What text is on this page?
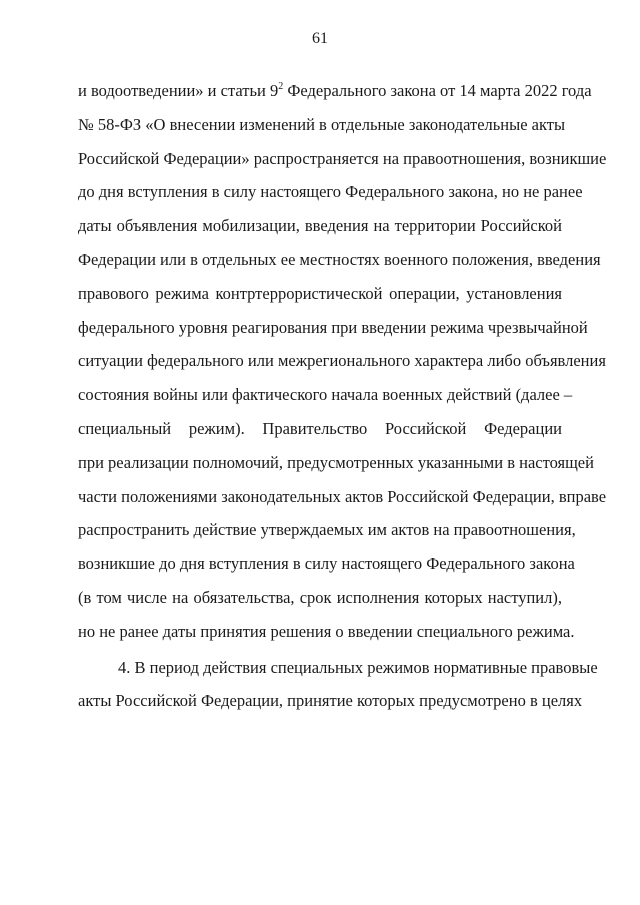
61
и водоотведении» и статьи $9^2$ Федерального закона от 14 марта 2022 года
№ 58-ФЗ «О внесении изменений в отдельные законодательные акты
Российской Федерации» распространяется на правоотношения, возникшие
до дня вступления в силу настоящего Федерального закона, но не ранее
даты объявления мобилизации, введения на территории Российской
Федерации или в отдельных ее местностях военного положения, введения
правового режима контртеррористической операции, установления
федерального уровня реагирования при введении режима чрезвычайной
ситуации федерального или межрегионального характера либо объявления
состояния войны или фактического начала военных действий (далее –
специальный режим). Правительство Российской Федерации
при реализации полномочий, предусмотренных указанными в настоящей
части положениями законодательных актов Российской Федерации, вправе
распространить действие утверждаемых им актов на правоотношения,
возникшие до дня вступления в силу настоящего Федерального закона
(в том числе на обязательства, срок исполнения которых наступил),
но не ранее даты принятия решения о введении специального режима.
4. В период действия специальных режимов нормативные правовые
акты Российской Федерации, принятие которых предусмотрено в целях
